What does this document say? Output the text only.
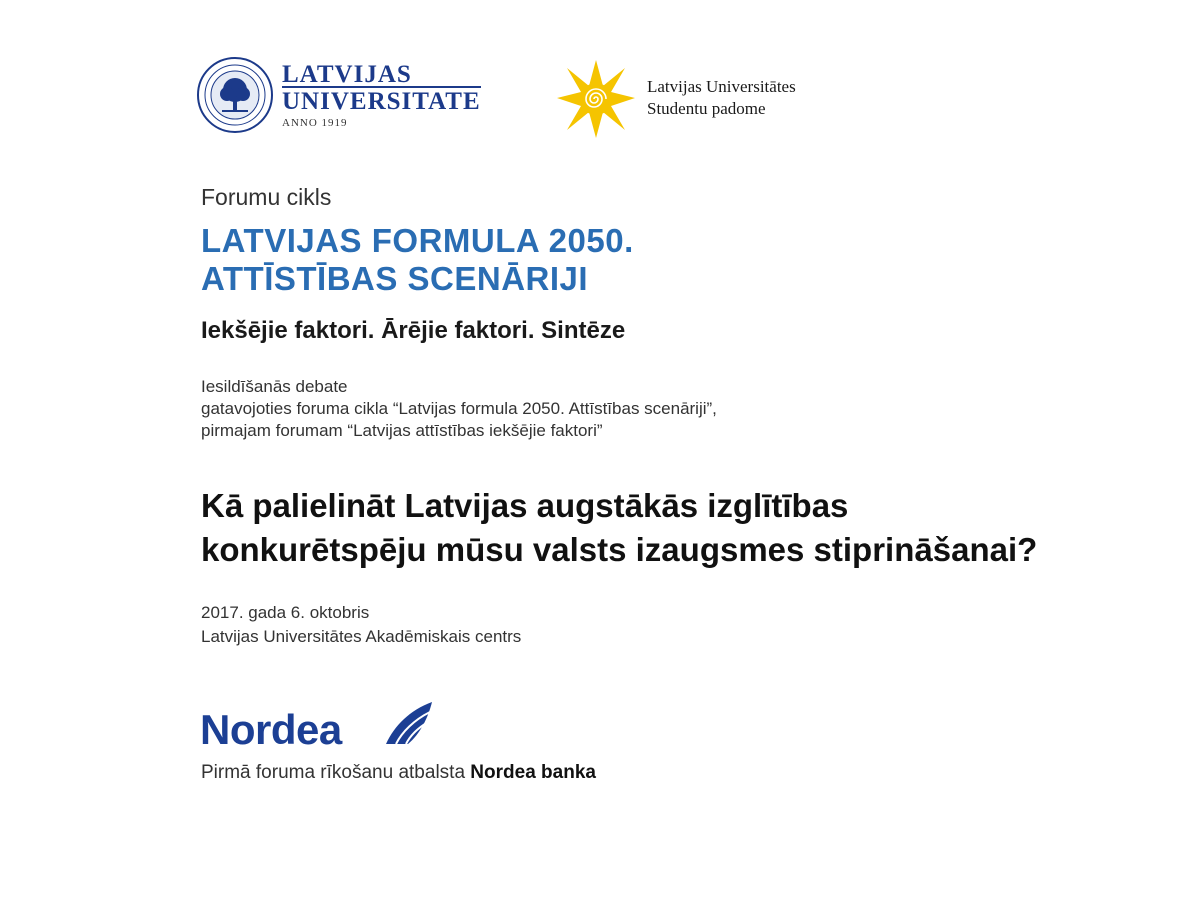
LATVIJAS
UNIVERSITATE
ANNO 1919
Latvijas Universitātes
Studentu padome
Forumu cikls
LATVIJAS FORMULA 2050.
ATTĪSTĪBAS SCENĀRIJI
Iekšējie faktori. Ārējie faktori. Sintēze
Iesildīšanās debate
gatavojoties foruma cikla “Latvijas formula 2050. Attīstības scenāriji”,
pirmajam forumam “Latvijas attīstības iekšējie faktori”
Kā palielināt Latvijas augstākās izglītības
konkurētspēju mūsu valsts izaugsmes stiprināšanai?
2017. gada 6. oktobris
Latvijas Universitātes Akadēmiskais centrs
Nordea
Pirmā foruma rīkošanu atbalsta Nordea banka
